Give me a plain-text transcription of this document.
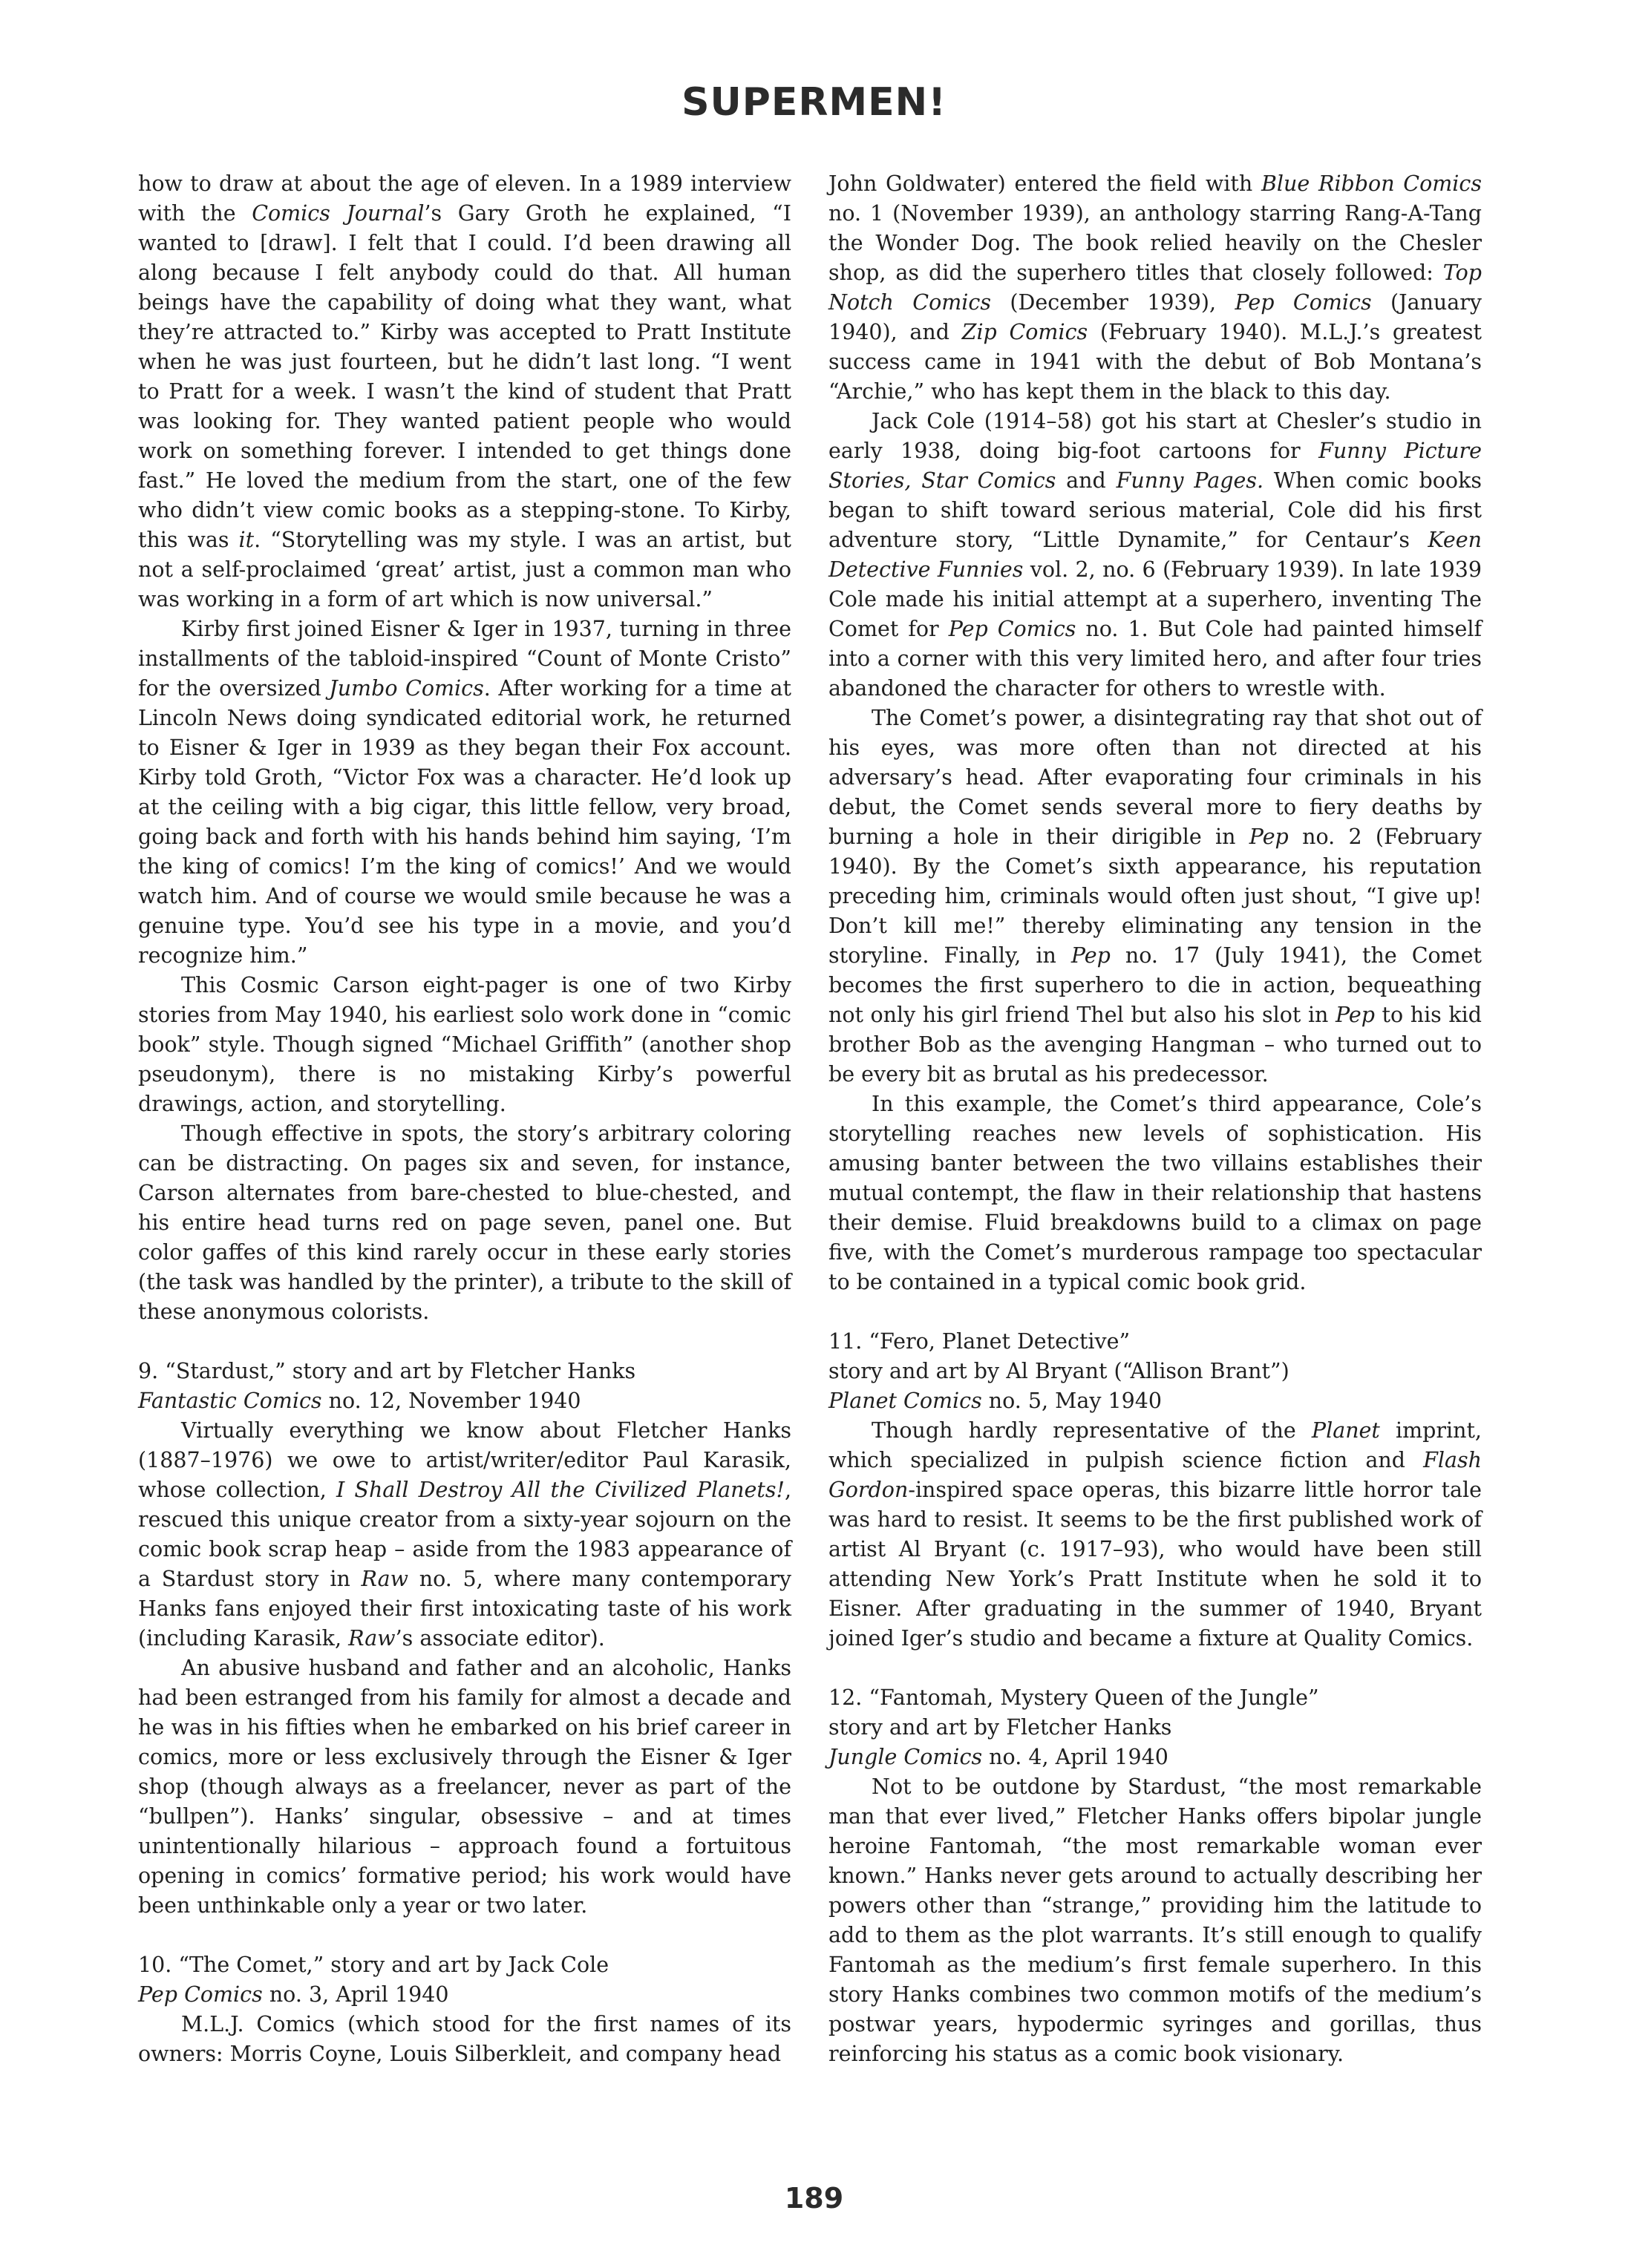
SUPERMEN!

how to draw at about the age of eleven. In a 1989 interview with the Comics Journal’s Gary Groth he explained, “I wanted to [draw]. I felt that I could. I’d been drawing all along because I felt anybody could do that. All human beings have the capability of doing what they want, what they’re attracted to.” Kirby was accepted to Pratt Institute when he was just fourteen, but he didn’t last long. “I went to Pratt for a week. I wasn’t the kind of student that Pratt was looking for. They wanted patient people who would work on something forever. I intended to get things done fast.” He loved the medium from the start, one of the few who didn’t view comic books as a stepping-stone. To Kirby, this was it. “Storytelling was my style. I was an artist, but not a self-proclaimed ‘great’ artist, just a common man who was working in a form of art which is now universal.”

Kirby first joined Eisner & Iger in 1937, turning in three installments of the tabloid-inspired “Count of Monte Cristo” for the oversized Jumbo Comics. After working for a time at Lincoln News doing syndicated editorial work, he returned to Eisner & Iger in 1939 as they began their Fox account. Kirby told Groth, “Victor Fox was a character. He’d look up at the ceiling with a big cigar, this little fellow, very broad, going back and forth with his hands behind him saying, ‘I’m the king of comics! I’m the king of comics!’ And we would watch him. And of course we would smile because he was a genuine type. You’d see his type in a movie, and you’d recognize him.”

This Cosmic Carson eight-pager is one of two Kirby stories from May 1940, his earliest solo work done in “comic book” style. Though signed “Michael Griffith” (another shop pseudonym), there is no mistaking Kirby’s powerful drawings, action, and storytelling.

Though effective in spots, the story’s arbitrary coloring can be distracting. On pages six and seven, for instance, Carson alternates from bare-chested to blue-chested, and his entire head turns red on page seven, panel one. But color gaffes of this kind rarely occur in these early stories (the task was handled by the printer), a tribute to the skill of these anonymous colorists.

9. “Stardust,” story and art by Fletcher Hanks
Fantastic Comics no. 12, November 1940

Virtually everything we know about Fletcher Hanks (1887–1976) we owe to artist/writer/editor Paul Karasik, whose collection, I Shall Destroy All the Civilized Planets!, rescued this unique creator from a sixty-year sojourn on the comic book scrap heap – aside from the 1983 appearance of a Stardust story in Raw no. 5, where many contemporary Hanks fans enjoyed their first intoxicating taste of his work (including Karasik, Raw’s associate editor).

An abusive husband and father and an alcoholic, Hanks had been estranged from his family for almost a decade and he was in his fifties when he embarked on his brief career in comics, more or less exclusively through the Eisner & Iger shop (though always as a freelancer, never as part of the “bullpen”). Hanks’ singular, obsessive – and at times unintentionally hilarious – approach found a fortuitous opening in comics’ formative period; his work would have been unthinkable only a year or two later.

10. “The Comet,” story and art by Jack Cole
Pep Comics no. 3, April 1940

M.L.J. Comics (which stood for the first names of its owners: Morris Coyne, Louis Silberkleit, and company head

John Goldwater) entered the field with Blue Ribbon Comics no. 1 (November 1939), an anthology starring Rang-A-Tang the Wonder Dog. The book relied heavily on the Chesler shop, as did the superhero titles that closely followed: Top Notch Comics (December 1939), Pep Comics (January 1940), and Zip Comics (February 1940). M.L.J.’s greatest success came in 1941 with the debut of Bob Montana’s “Archie,” who has kept them in the black to this day.

Jack Cole (1914–58) got his start at Chesler’s studio in early 1938, doing big-foot cartoons for Funny Picture Stories, Star Comics and Funny Pages. When comic books began to shift toward serious material, Cole did his first adventure story, “Little Dynamite,” for Centaur’s Keen Detective Funnies vol. 2, no. 6 (February 1939). In late 1939 Cole made his initial attempt at a superhero, inventing The Comet for Pep Comics no. 1. But Cole had painted himself into a corner with this very limited hero, and after four tries abandoned the character for others to wrestle with.

The Comet’s power, a disintegrating ray that shot out of his eyes, was more often than not directed at his adversary’s head. After evaporating four criminals in his debut, the Comet sends several more to fiery deaths by burning a hole in their dirigible in Pep no. 2 (February 1940). By the Comet’s sixth appearance, his reputation preceding him, criminals would often just shout, “I give up! Don’t kill me!” thereby eliminating any tension in the storyline. Finally, in Pep no. 17 (July 1941), the Comet becomes the first superhero to die in action, bequeathing not only his girl friend Thel but also his slot in Pep to his kid brother Bob as the avenging Hangman – who turned out to be every bit as brutal as his predecessor.

In this example, the Comet’s third appearance, Cole’s storytelling reaches new levels of sophistication. His amusing banter between the two villains establishes their mutual contempt, the flaw in their relationship that hastens their demise. Fluid breakdowns build to a climax on page five, with the Comet’s murderous rampage too spectacular to be contained in a typical comic book grid.

11. “Fero, Planet Detective”
story and art by Al Bryant (“Allison Brant”)
Planet Comics no. 5, May 1940

Though hardly representative of the Planet imprint, which specialized in pulpish science fiction and Flash Gordon-inspired space operas, this bizarre little horror tale was hard to resist. It seems to be the first published work of artist Al Bryant (c. 1917–93), who would have been still attending New York’s Pratt Institute when he sold it to Eisner. After graduating in the summer of 1940, Bryant joined Iger’s studio and became a fixture at Quality Comics.

12. “Fantomah, Mystery Queen of the Jungle”
story and art by Fletcher Hanks
Jungle Comics no. 4, April 1940

Not to be outdone by Stardust, “the most remarkable man that ever lived,” Fletcher Hanks offers bipolar jungle heroine Fantomah, “the most remarkable woman ever known.” Hanks never gets around to actually describing her powers other than “strange,” providing him the latitude to add to them as the plot warrants. It’s still enough to qualify Fantomah as the medium’s first female superhero. In this story Hanks combines two common motifs of the medium’s postwar years, hypodermic syringes and gorillas, thus reinforcing his status as a comic book visionary.

189
